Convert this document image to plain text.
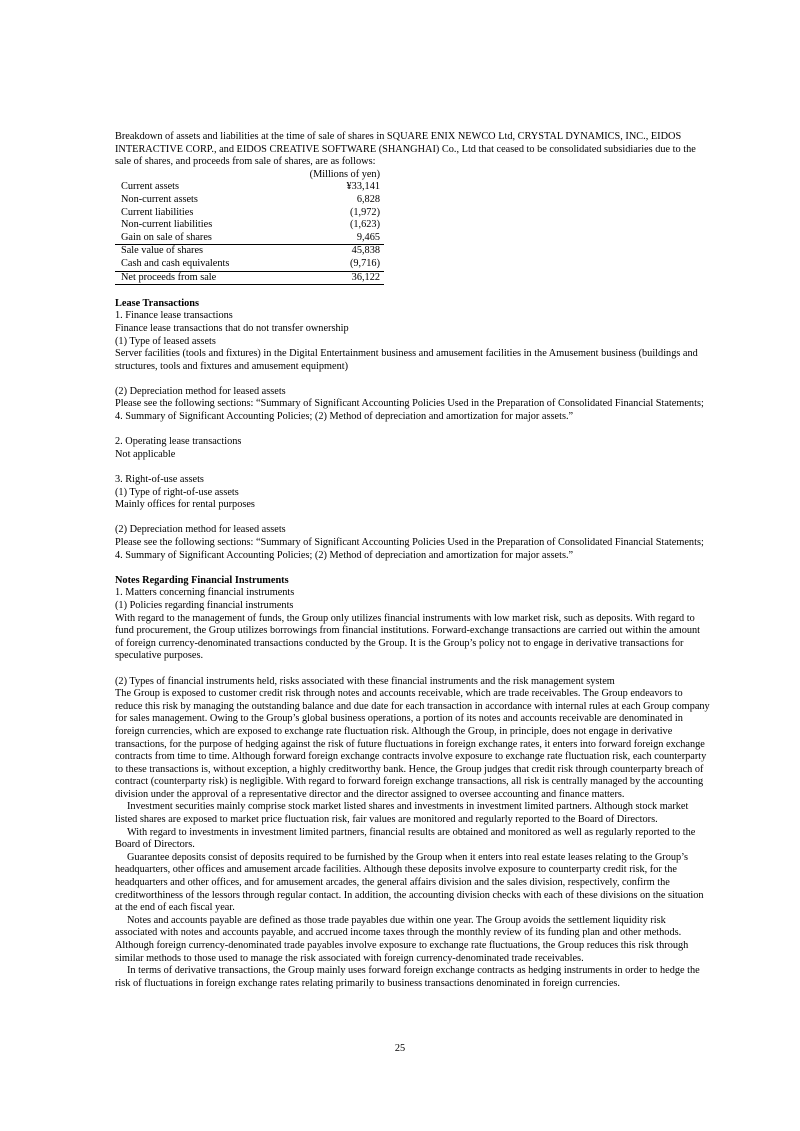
Breakdown of assets and liabilities at the time of sale of shares in SQUARE ENIX NEWCO Ltd, CRYSTAL DYNAMICS, INC., EIDOS INTERACTIVE CORP., and EIDOS CREATIVE SOFTWARE (SHANGHAI) Co., Ltd that ceased to be consolidated subsidiaries due to the sale of shares, and proceeds from sale of shares, are as follows:

	(Millions of yen)
Current assets	¥33,141
Non-current assets	6,828
Current liabilities	(1,972)
Non-current liabilities	(1,623)
Gain on sale of shares	9,465
Sale value of shares	45,838
Cash and cash equivalents	(9,716)
Net proceeds from sale	36,122

Lease Transactions

1. Finance lease transactions

Finance lease transactions that do not transfer ownership

(1) Type of leased assets

Server facilities (tools and fixtures) in the Digital Entertainment business and amusement facilities in the Amusement business (buildings and structures, tools and fixtures and amusement equipment)

(2) Depreciation method for leased assets

Please see the following sections: “Summary of Significant Accounting Policies Used in the Preparation of Consolidated Financial Statements; 4. Summary of Significant Accounting Policies; (2) Method of depreciation and amortization for major assets.”

2. Operating lease transactions

Not applicable

3. Right-of-use assets

(1) Type of right-of-use assets

Mainly offices for rental purposes

(2) Depreciation method for leased assets

Please see the following sections: “Summary of Significant Accounting Policies Used in the Preparation of Consolidated Financial Statements; 4. Summary of Significant Accounting Policies; (2) Method of depreciation and amortization for major assets.”

Notes Regarding Financial Instruments

1. Matters concerning financial instruments

(1) Policies regarding financial instruments

With regard to the management of funds, the Group only utilizes financial instruments with low market risk, such as deposits. With regard to fund procurement, the Group utilizes borrowings from financial institutions. Forward-exchange transactions are carried out within the amount of foreign currency-denominated transactions conducted by the Group. It is the Group’s policy not to engage in derivative transactions for speculative purposes.

(2) Types of financial instruments held, risks associated with these financial instruments and the risk management system

The Group is exposed to customer credit risk through notes and accounts receivable, which are trade receivables. The Group endeavors to reduce this risk by managing the outstanding balance and due date for each transaction in accordance with internal rules at each Group company for sales management. Owing to the Group’s global business operations, a portion of its notes and accounts receivable are denominated in foreign currencies, which are exposed to exchange rate fluctuation risk. Although the Group, in principle, does not engage in derivative transactions, for the purpose of hedging against the risk of future fluctuations in foreign exchange rates, it enters into forward foreign exchange contracts from time to time. Although forward foreign exchange contracts involve exposure to exchange rate fluctuation risk, each counterparty to these transactions is, without exception, a highly creditworthy bank. Hence, the Group judges that credit risk through counterparty breach of contract (counterparty risk) is negligible. With regard to forward foreign exchange transactions, all risk is centrally managed by the accounting division under the approval of a representative director and the director assigned to oversee accounting and finance matters.

Investment securities mainly comprise stock market listed shares and investments in investment limited partners. Although stock market listed shares are exposed to market price fluctuation risk, fair values are monitored and regularly reported to the Board of Directors.

With regard to investments in investment limited partners, financial results are obtained and monitored as well as regularly reported to the Board of Directors.

Guarantee deposits consist of deposits required to be furnished by the Group when it enters into real estate leases relating to the Group’s headquarters, other offices and amusement arcade facilities. Although these deposits involve exposure to counterparty credit risk, for the headquarters and other offices, and for amusement arcades, the general affairs division and the sales division, respectively, confirm the creditworthiness of the lessors through regular contact. In addition, the accounting division checks with each of these divisions on the situation at the end of each fiscal year.

Notes and accounts payable are defined as those trade payables due within one year. The Group avoids the settlement liquidity risk associated with notes and accounts payable, and accrued income taxes through the monthly review of its funding plan and other methods. Although foreign currency-denominated trade payables involve exposure to exchange rate fluctuations, the Group reduces this risk through similar methods to those used to manage the risk associated with foreign currency-denominated trade receivables.

In terms of derivative transactions, the Group mainly uses forward foreign exchange contracts as hedging instruments in order to hedge the risk of fluctuations in foreign exchange rates relating primarily to business transactions denominated in foreign currencies.

25
